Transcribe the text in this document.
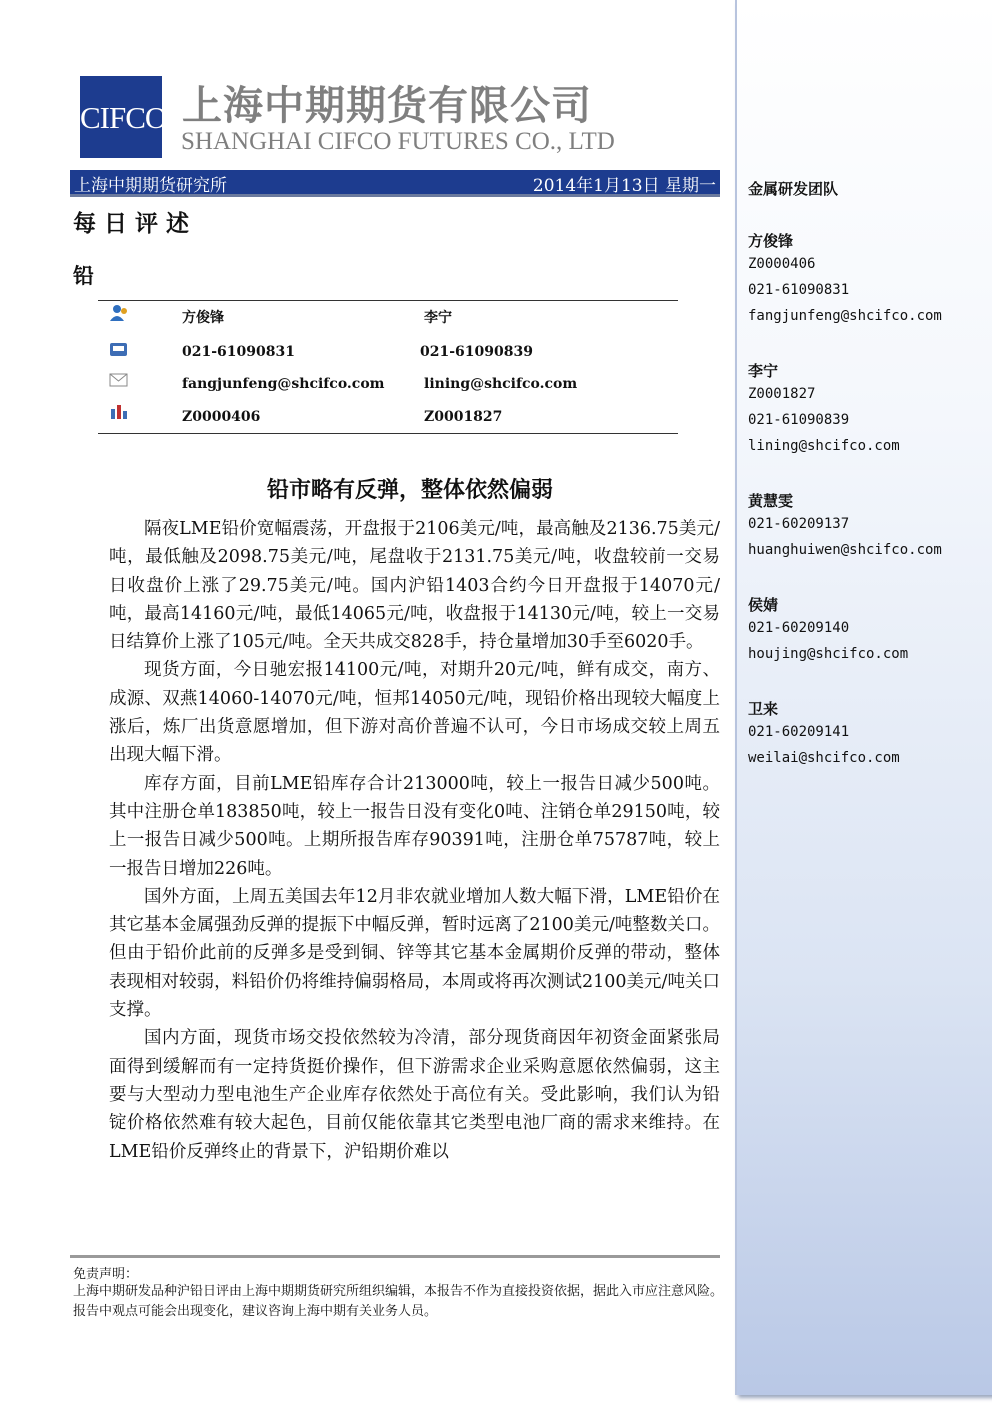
金属研发团队
方俊锋
Z0000406
021-61090831
fangjunfeng@shcifco.com
李宁
Z0001827
021-61090839
lining@shcifco.com
黄慧雯
021-60209137
huanghuiwen@shcifco.com
侯婧
021-60209140
houjing@shcifco.com
卫来
021-60209141
weilai@shcifco.com
CIFCO 上海中期期货有限公司
SHANGHAI CIFCO FUTURES CO., LTD
上海中期期货研究所	2014年1月13日 星期一
每日评述
铅
方俊锋	李宁
021-61090831	021-61090839
fangjunfeng@shcifco.com	lining@shcifco.com
Z0000406	Z0001827
铅市略有反弹，整体依然偏弱

隔夜LME铅价宽幅震荡，开盘报于2106美元/吨，最高触及2136.75美元/吨，最低触及2098.75美元/吨，尾盘收于2131.75美元/吨，收盘较前一交易日收盘价上涨了29.75美元/吨。国内沪铅1403合约今日开盘报于14070元/吨，最高14160元/吨，最低14065元/吨，收盘报于14130元/吨，较上一交易日结算价上涨了105元/吨。全天共成交828手，持仓量增加30手至6020手。

现货方面，今日驰宏报14100元/吨，对期升20元/吨，鲜有成交，南方、成源、双燕14060-14070元/吨，恒邦14050元/吨，现铅价格出现较大幅度上涨后，炼厂出货意愿增加，但下游对高价普遍不认可，今日市场成交较上周五出现大幅下滑。

库存方面，目前LME铅库存合计213000吨，较上一报告日减少500吨。其中注册仓单183850吨，较上一报告日没有变化0吨、注销仓单29150吨，较上一报告日减少500吨。上期所报告库存90391吨，注册仓单75787吨，较上一报告日增加226吨。

国外方面，上周五美国去年12月非农就业增加人数大幅下滑，LME铅价在其它基本金属强劲反弹的提振下中幅反弹，暂时远离了2100美元/吨整数关口。但由于铅价此前的反弹多是受到铜、锌等其它基本金属期价反弹的带动，整体表现相对较弱，料铅价仍将维持偏弱格局，本周或将再次测试2100美元/吨关口支撑。

国内方面，现货市场交投依然较为冷清，部分现货商因年初资金面紧张局面得到缓解而有一定持货挺价操作，但下游需求企业采购意愿依然偏弱，这主要与大型动力型电池生产企业库存依然处于高位有关。受此影响，我们认为铅锭价格依然难有较大起色，目前仅能依靠其它类型电池厂商的需求来维持。在LME铅价反弹终止的背景下，沪铅期价难以

免责声明：
上海中期研发品种沪铅日评由上海中期期货研究所组织编辑，本报告不作为直接投资依据，据此入市应注意风险。报告中观点可能会出现变化，建议咨询上海中期有关业务人员。
